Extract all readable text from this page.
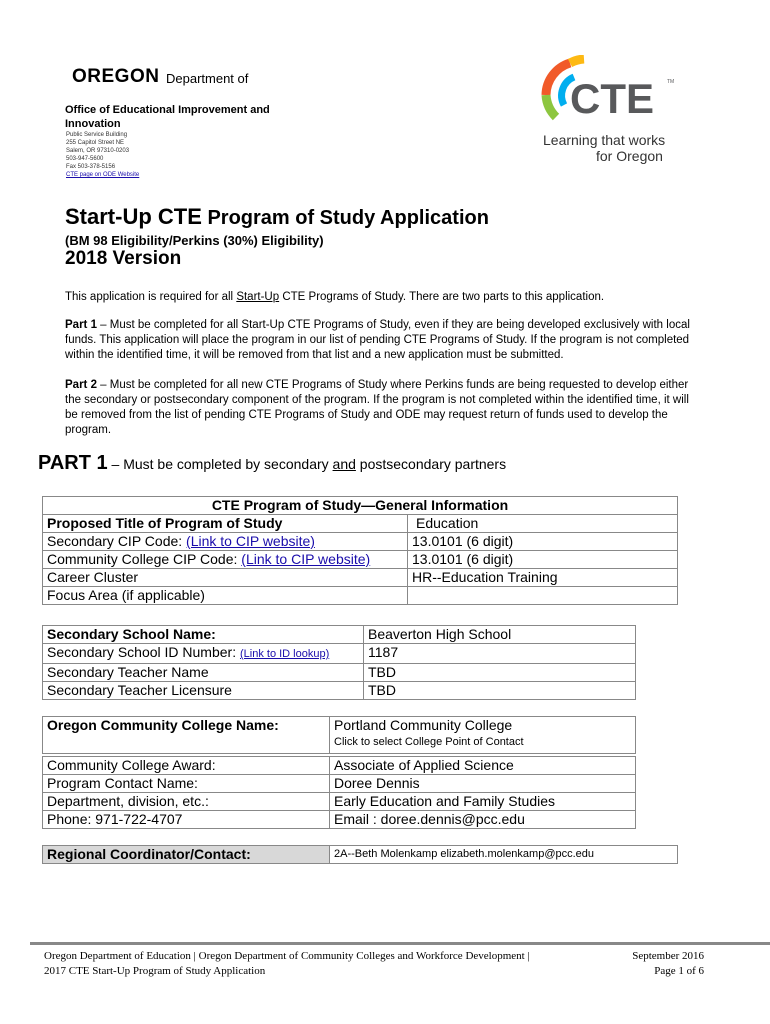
OREGON Department of
Office of Educational Improvement and Innovation
Public Service Building
255 Capitol Street NE
Salem, OR 97310-0203
503-947-5600
Fax 503-378-5156
CTE page on ODE Website
CTE	TM
Learning that works
for Oregon
Start-Up CTE Program of Study Application
(BM 98 Eligibility/Perkins (30%) Eligibility)
2018 Version
This application is required for all Start-Up CTE Programs of Study. There are two parts to this application.
Part 1 – Must be completed for all Start-Up CTE Programs of Study, even if they are being developed exclusively with local funds. This application will place the program in our list of pending CTE Programs of Study. If the program is not completed within the identified time, it will be removed from that list and a new application must be submitted.
Part 2 – Must be completed for all new CTE Programs of Study where Perkins funds are being requested to develop either the secondary or postsecondary component of the program. If the program is not completed within the identified time, it will be removed from the list of pending CTE Programs of Study and ODE may request return of funds used to develop the program.
PART 1 – Must be completed by secondary and postsecondary partners
CTE Program of Study—General Information	
Proposed Title of Program of Study	Education
Secondary CIP Code: (Link to CIP website)	13.0101 (6 digit)
Community College CIP Code: (Link to CIP website)	13.0101 (6 digit)
Career Cluster	HR--Education Training
Focus Area (if applicable)	
Secondary School Name:	Beaverton High School
Secondary School ID Number: (Link to ID lookup)	1187
Secondary Teacher Name	TBD
Secondary Teacher Licensure	TBD
Oregon Community College Name:	Portland Community College
Click to select College Point of Contact
Community College Award:	Associate of Applied Science
Program Contact Name:	Doree Dennis
Department, division, etc.:	Early Education and Family Studies
Phone: 971-722-4707	Email : doree.dennis@pcc.edu
Regional Coordinator/Contact:	2A--Beth Molenkamp elizabeth.molenkamp@pcc.edu
Oregon Department of Education | Oregon Department of Community Colleges and Workforce Development |
2017 CTE Start-Up Program of Study Application
September 2016
Page 1 of 6
